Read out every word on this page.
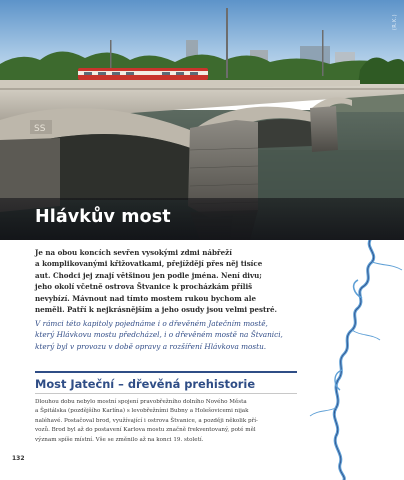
SS
(R.K.)
Hlávkův most

Je na obou koncích sevřen vysokými zdmi nábřeží
a komplikovanými křižovatkami, přejíždějí přes něj tisíce
aut. Chodci jej znají většinou jen podle jména. Není divu;
jeho okolí včetně ostrova Štvanice k procházkám příliš
nevybízí. Mávnout nad tímto mostem rukou bychom ale
neměli. Patří k nejkrásnějším a jeho osudy jsou velmi pestré.

V rámci této kapitoly pojednáme i o dřevěném Jatečním mostě,
který Hlávkovu mostu předcházel, i o dřevěném mostě na Štvanici,
který byl v provozu v době opravy a rozšíření Hlávkova mostu.

Most Jateční – dřevěná prehistorie

Dlouhou dobu nebylo mostní spojení pravobřežního dolního Nového Města
a Špitálska (pozdějšího Karlína) s levobřežními Bubny a Holešovicemi nijak
naléhavé. Postačoval brod, využívající i ostrova Štvanice, a později několik pří-
vozů. Brod byl až do postavení Karlova mostu značně frekventovaný, poté měl
význam spíše místní. Vše se změnilo až na konci 19. století.

132
